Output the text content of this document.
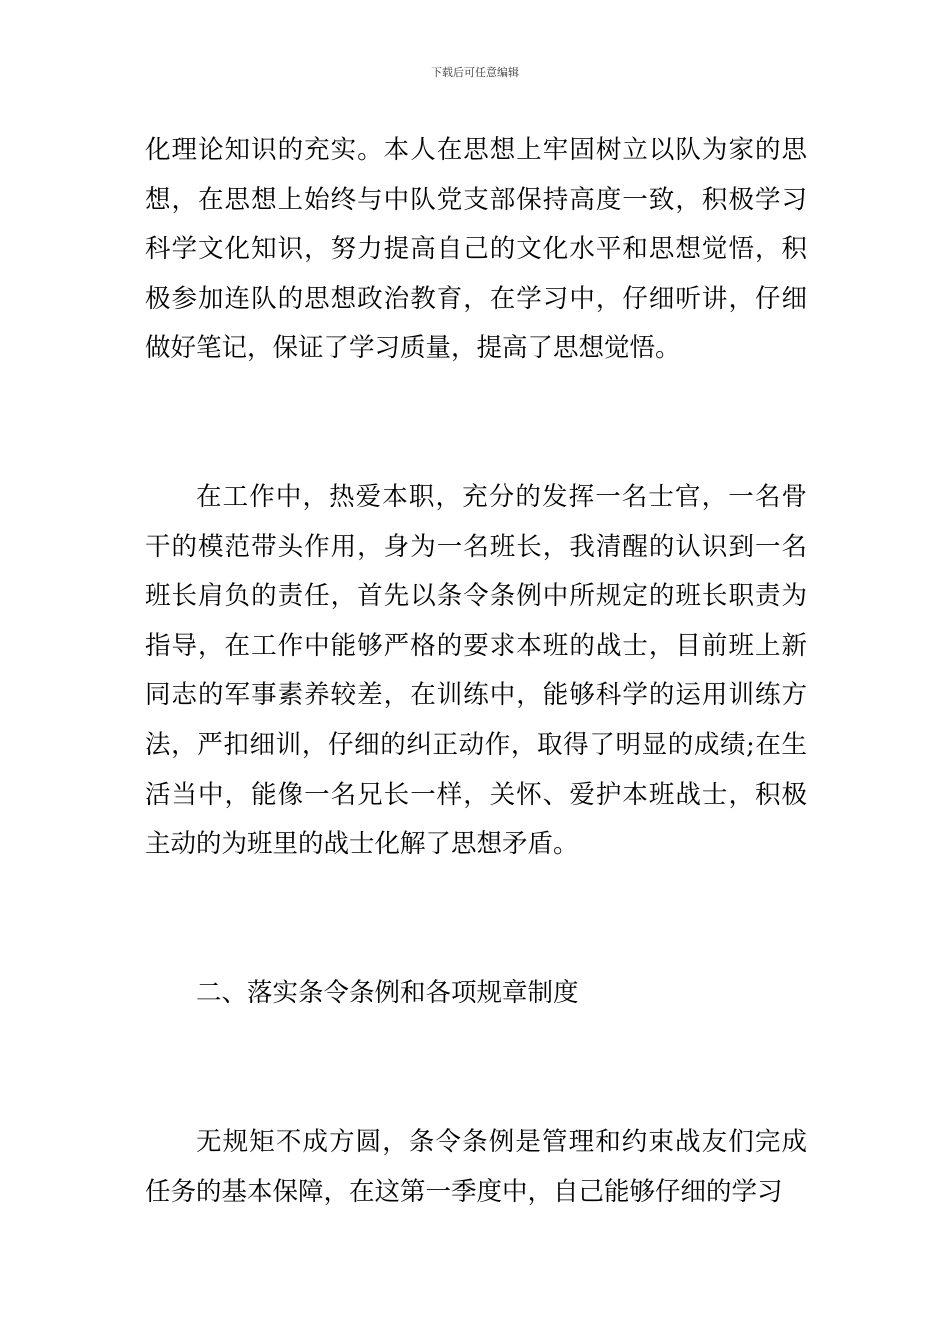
下载后可任意编辑

化理论知识的充实。本人在思想上牢固树立以队为家的思想，在思想上始终与中队党支部保持高度一致，积极学习科学文化知识，努力提高自己的文化水平和思想觉悟，积极参加连队的思想政治教育，在学习中，仔细听讲，仔细做好笔记，保证了学习质量，提高了思想觉悟。

在工作中，热爱本职，充分的发挥一名士官，一名骨干的模范带头作用，身为一名班长，我清醒的认识到一名班长肩负的责任，首先以条令条例中所规定的班长职责为指导，在工作中能够严格的要求本班的战士，目前班上新同志的军事素养较差，在训练中，能够科学的运用训练方法，严扣细训，仔细的纠正动作，取得了明显的成绩;在生活当中，能像一名兄长一样，关怀、爱护本班战士，积极主动的为班里的战士化解了思想矛盾。

二、落实条令条例和各项规章制度

无规矩不成方圆，条令条例是管理和约束战友们完成任务的基本保障，在这第一季度中，自己能够仔细的学习
